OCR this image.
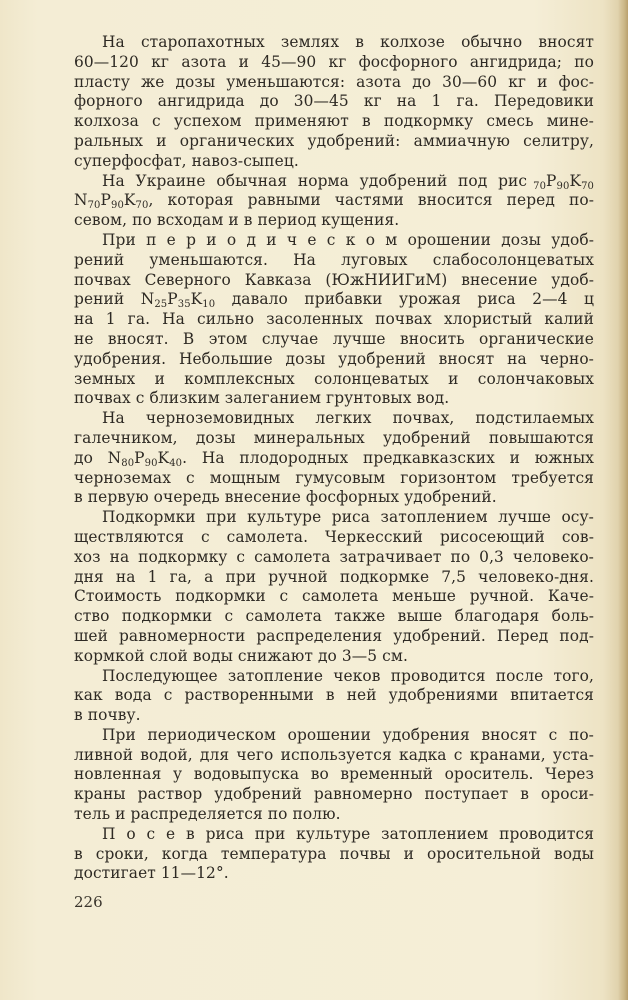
На старопахотных землях в колхозе обычно вносят
60—120 кг азота и 45—90 кг фосфорного ангидрида; по
пласту же дозы уменьшаются: азота до 30—60 кг и фос-
форного ангидрида до 30—45 кг на 1 га. Передовики
колхоза с успехом применяют в подкормку смесь мине-
ральных и органических удобрений: аммиачную селитру,
суперфосфат, навоз-сыпец.
На Украине обычная норма удобрений под рис $_{70}P_{90}K_{70}$
$N_{70}P_{90}K_{70}$, которая равными частями вносится перед по-
севом, по всходам и в период кущения.
При п е р и о д и ч е с к о м орошении дозы удоб-
рений уменьшаются. На луговых слабосолонцеватых
почвах Северного Кавказа (ЮжНИИГиМ) внесение удоб-
рений $N_{25}P_{35}K_{10}$ давало прибавки урожая риса 2—4 ц
на 1 га. На сильно засоленных почвах хлористый калий
не вносят. В этом случае лучше вносить органические
удобрения. Небольшие дозы удобрений вносят на черно-
земных и комплексных солонцеватых и солончаковых
почвах с близким залеганием грунтовых вод.
На черноземовидных легких почвах, подстилаемых
галечником, дозы минеральных удобрений повышаются
до $N_{80}P_{90}K_{40}$. На плодородных предкавказских и южных
черноземах с мощным гумусовым горизонтом требуется
в первую очередь внесение фосфорных удобрений.
Подкормки при культуре риса затоплением лучше осу-
ществляются с самолета. Черкесский рисосеющий сов-
хоз на подкормку с самолета затрачивает по 0,3 человеко-
дня на 1 га, а при ручной подкормке 7,5 человеко-дня.
Стоимость подкормки с самолета меньше ручной. Каче-
ство подкормки с самолета также выше благодаря боль-
шей равномерности распределения удобрений. Перед под-
кормкой слой воды снижают до 3—5 см.
Последующее затопление чеков проводится после того,
как вода с растворенными в ней удобрениями впитается
в почву.
При периодическом орошении удобрения вносят с по-
ливной водой, для чего используется кадка с кранами, уста-
новленная у водовыпуска во временный ороситель. Через
краны раствор удобрений равномерно поступает в ороси-
тель и распределяется по полю.
П о с е в риса при культуре затоплением проводится
в сроки, когда температура почвы и оросительной воды
достигает 11—12°.
226
